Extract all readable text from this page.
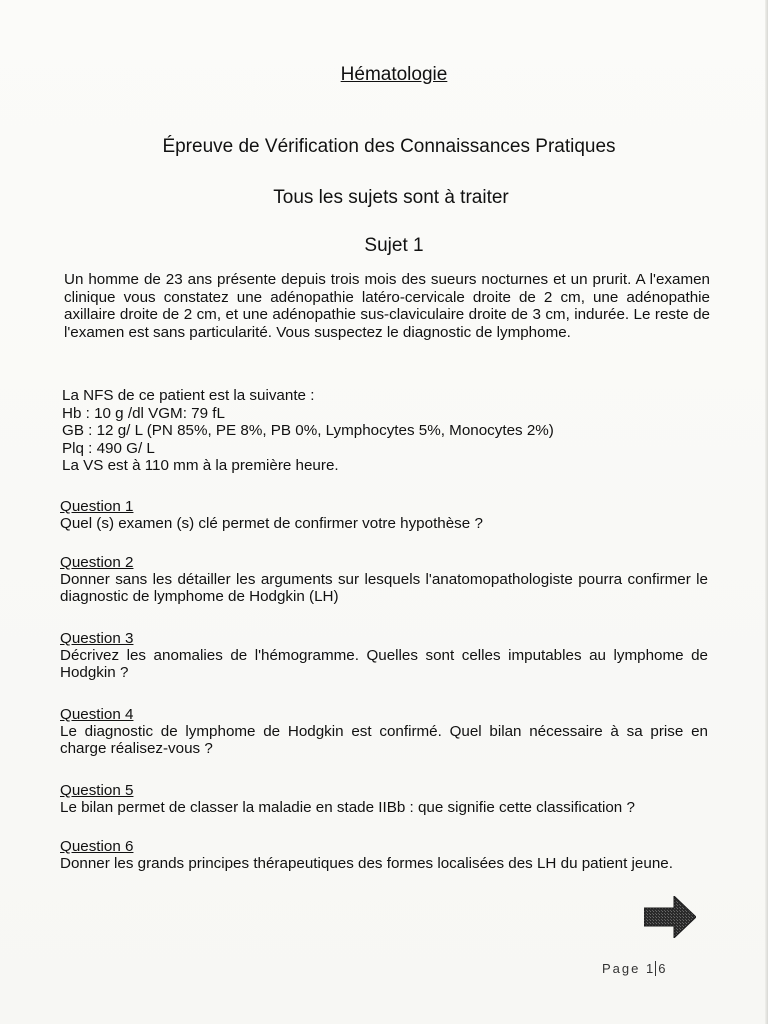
Hématologie
Épreuve de Vérification des Connaissances Pratiques
Tous les sujets sont à traiter
Sujet 1

Un homme de 23 ans présente depuis trois mois des sueurs nocturnes et un prurit. A l'examen clinique vous constatez une adénopathie latéro-cervicale droite de 2 cm, une adénopathie axillaire droite de 2 cm, et une adénopathie sus-claviculaire droite de 3 cm, indurée. Le reste de l'examen est sans particularité. Vous suspectez le diagnostic de lymphome.

La NFS de ce patient est la suivante :
Hb : 10 g /dl VGM: 79 fL
GB : 12 g/ L (PN 85%, PE 8%, PB 0%, Lymphocytes 5%, Monocytes 2%)
Plq : 490 G/ L
La VS est à 110 mm à la première heure.
Question 1
Quel (s) examen (s) clé permet de confirmer votre hypothèse ?
Question 2
Donner sans les détailler les arguments sur lesquels l'anatomopathologiste pourra confirmer le diagnostic de lymphome de Hodgkin (LH)
Question 3
Décrivez les anomalies de l'hémogramme. Quelles sont celles imputables au lymphome de Hodgkin ?
Question 4
Le diagnostic de lymphome de Hodgkin est confirmé. Quel bilan nécessaire à sa prise en charge réalisez-vous ?
Question 5
Le bilan permet de classer la maladie en stade IIBb : que signifie cette classification ?
Question 6
Donner les grands principes thérapeutiques des formes localisées des LH du patient jeune.
Page 1 6
